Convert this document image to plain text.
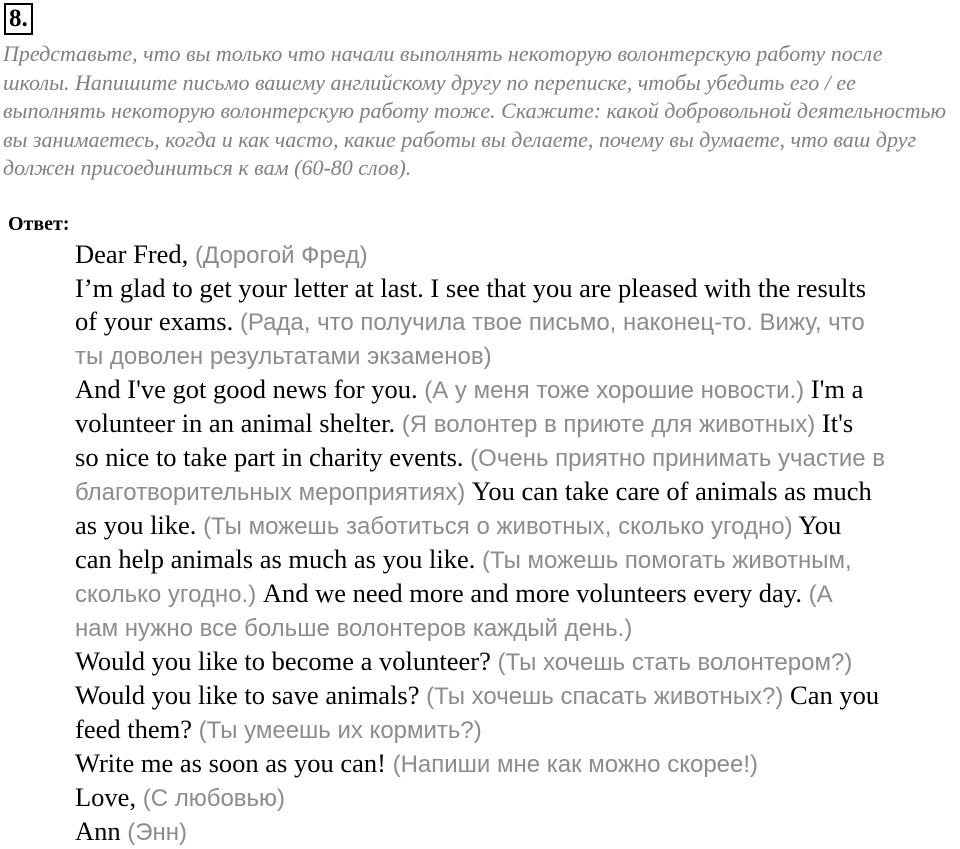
8.

Представьте, что вы только что начали выполнять некоторую волонтерскую работу после школы. Напишите письмо вашему английскому другу по переписке, чтобы убедить его / ее выполнять некоторую волонтерскую работу тоже. Скажите: какой добровольной деятельностью вы занимаетесь, когда и как часто, какие работы вы делаете, почему вы думаете, что ваш друг должен присоединиться к вам (60-80 слов).

Ответ:

Dear Fred, (Дорогой Фред)

I’m glad to get your letter at last. I see that you are pleased with the results

of your exams. (Рада, что получила твое письмо, наконец-то. Вижу, что

ты доволен результатами экзаменов)

And I've got good news for you. (А у меня тоже хорошие новости.) I'm a

volunteer in an animal shelter. (Я волонтер в приюте для животных) It's

so nice to take part in charity events. (Очень приятно принимать участие в

благотворительных мероприятиях) You can take care of animals as much

as you like. (Ты можешь заботиться о животных, сколько угодно) You

can help animals as much as you like. (Ты можешь помогать животным,

сколько угодно.) And we need more and more volunteers every day. (А

нам нужно все больше волонтеров каждый день.)

Would you like to become a volunteer? (Ты хочешь стать волонтером?)

Would you like to save animals? (Ты хочешь спасать животных?) Can you

feed them? (Ты умеешь их кормить?)

Write me as soon as you can! (Напиши мне как можно скорее!)

Love, (С любовью)

Ann (Энн)
